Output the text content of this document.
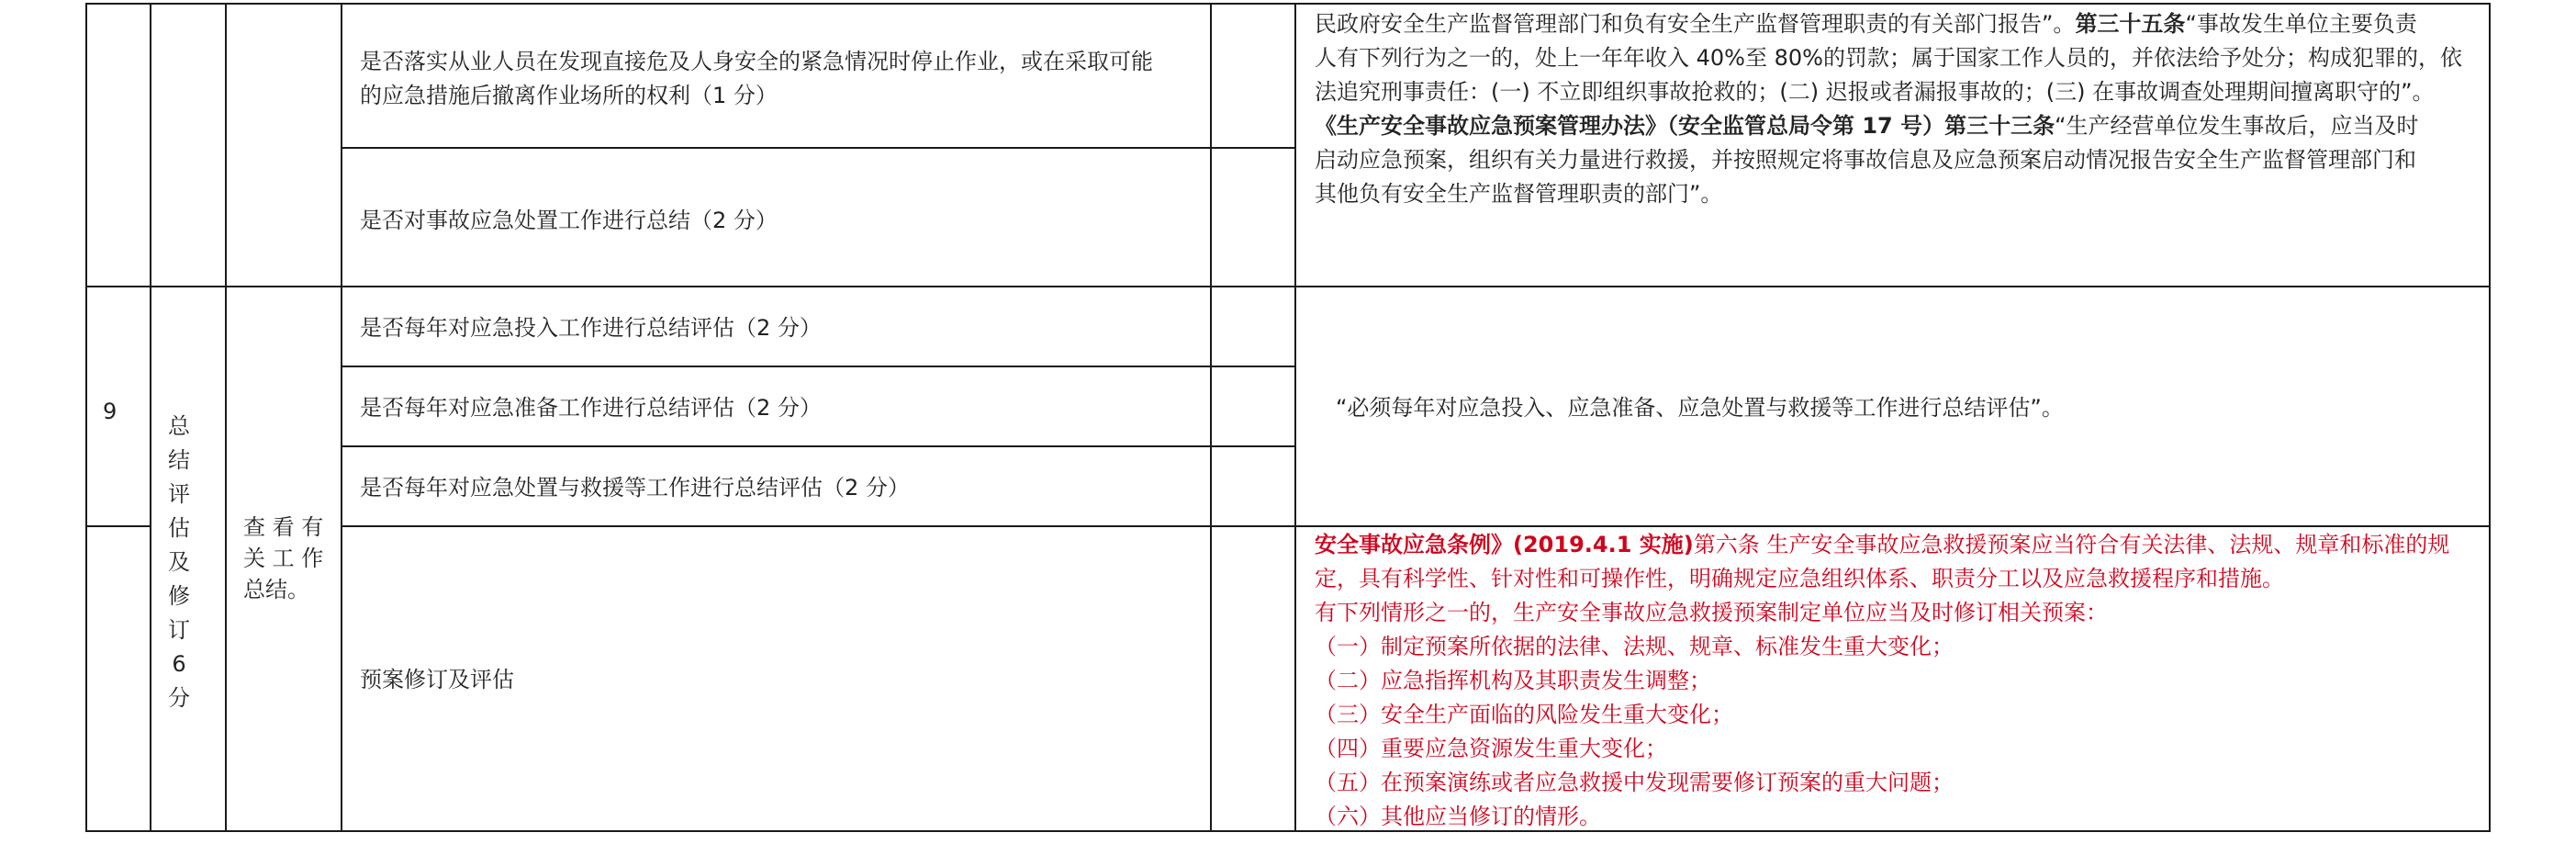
是否落实从业人员在发现直接危及人身安全的紧急情况时停止作业，或在采取可能
的应急措施后撤离作业场所的权利（1 分）
是否对事故应急处置工作进行总结（2 分）

民政府安全生产监督管理部门和负有安全生产监督管理职责的有关部门报告”。第三十五条“事故发生单位主要负责

人有下列行为之一的，处上一年年收入 40%至 80%的罚款；属于国家工作人员的，并依法给予处分；构成犯罪的，依

法追究刑事责任：(一) 不立即组织事故抢救的；(二) 迟报或者漏报事故的；(三) 在事故调查处理期间擅离职守的”。

《生产安全事故应急预案管理办法》（安全监管总局令第 17 号）第三十三条“生产经营单位发生事故后，应当及时

启动应急预案，组织有关力量进行救援，并按照规定将事故信息及应急预案启动情况报告安全生产监督管理部门和

其他负有安全生产监督管理职责的部门”。

9
总
结
评
估
及
修
订
6
分
查 看 有
关 工 作
总结。
是否每年对应急投入工作进行总结评估（2 分）
是否每年对应急准备工作进行总结评估（2 分）
是否每年对应急处置与救援等工作进行总结评估（2 分）
“必须每年对应急投入、应急准备、应急处置与救援等工作进行总结评估”。
预案修订及评估

安全事故应急条例》(2019.4.1 实施)第六条 生产安全事故应急救援预案应当符合有关法律、法规、规章和标准的规

定，具有科学性、针对性和可操作性，明确规定应急组织体系、职责分工以及应急救援程序和措施。

有下列情形之一的，生产安全事故应急救援预案制定单位应当及时修订相关预案：

（一）制定预案所依据的法律、法规、规章、标准发生重大变化；

（二）应急指挥机构及其职责发生调整；

（三）安全生产面临的风险发生重大变化；

（四）重要应急资源发生重大变化；

（五）在预案演练或者应急救援中发现需要修订预案的重大问题；

（六）其他应当修订的情形。
